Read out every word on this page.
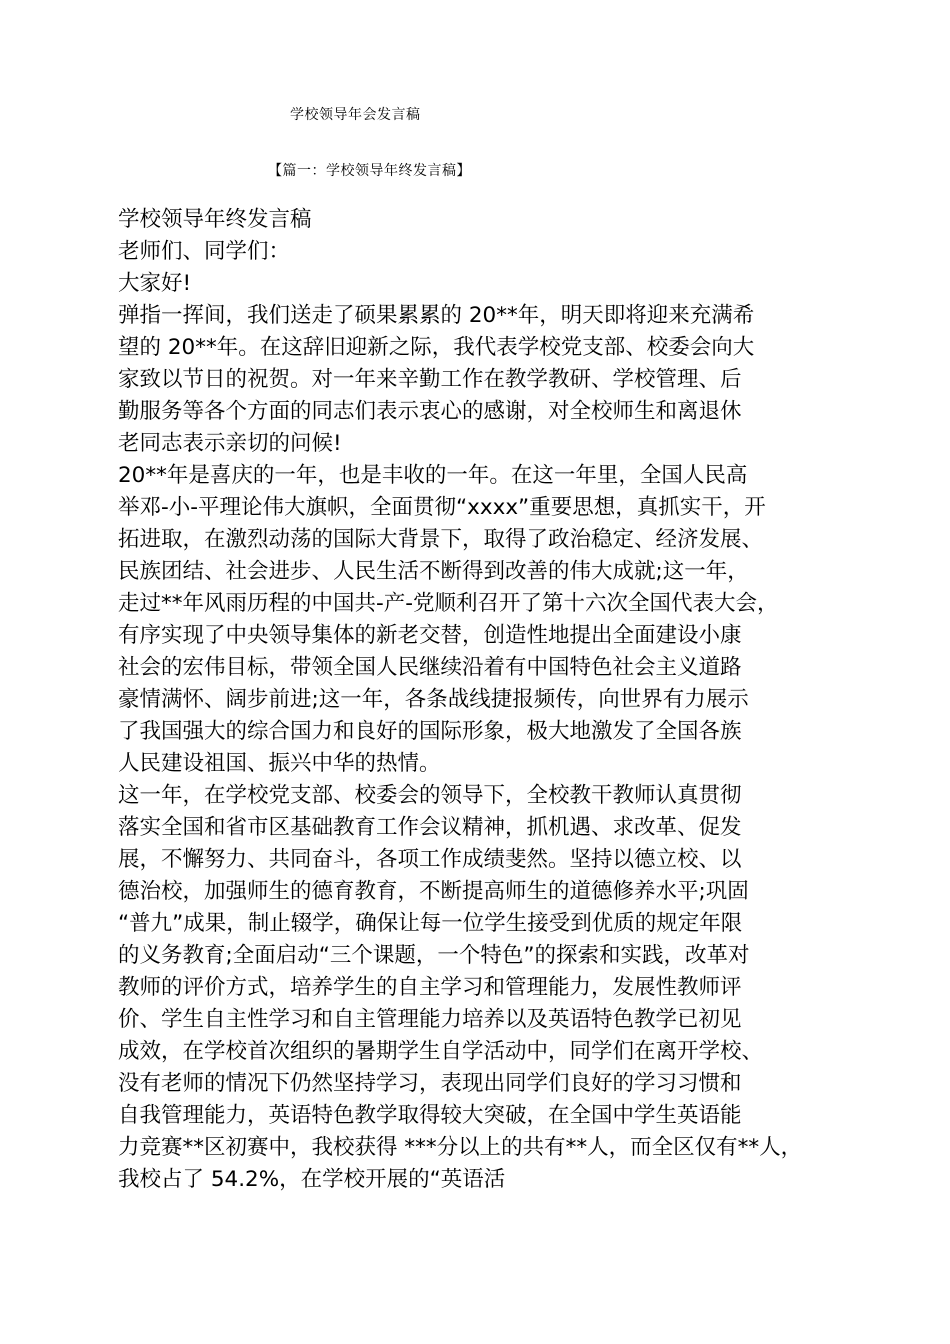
学校领导年会发言稿
【篇一：学校领导年终发言稿】
学校领导年终发言稿
老师们、同学们：
大家好!
弹指一挥间，我们送走了硕果累累的 20**年，明天即将迎来充满希
望的 20**年。在这辞旧迎新之际，我代表学校党支部、校委会向大
家致以节日的祝贺。对一年来辛勤工作在教学教研、学校管理、后
勤服务等各个方面的同志们表示衷心的感谢，对全校师生和离退休
老同志表示亲切的问候!
20**年是喜庆的一年，也是丰收的一年。在这一年里，全国人民高
举邓-小-平理论伟大旗帜，全面贯彻“xxxx”重要思想，真抓实干，开
拓进取，在激烈动荡的国际大背景下，取得了政治稳定、经济发展、
民族团结、社会进步、人民生活不断得到改善的伟大成就;这一年，
走过**年风雨历程的中国共-产-党顺利召开了第十六次全国代表大会，
有序实现了中央领导集体的新老交替，创造性地提出全面建设小康
社会的宏伟目标，带领全国人民继续沿着有中国特色社会主义道路
豪情满怀、阔步前进;这一年，各条战线捷报频传，向世界有力展示
了我国强大的综合国力和良好的国际形象，极大地激发了全国各族
人民建设祖国、振兴中华的热情。
这一年，在学校党支部、校委会的领导下，全校教干教师认真贯彻
落实全国和省市区基础教育工作会议精神，抓机遇、求改革、促发
展，不懈努力、共同奋斗，各项工作成绩斐然。坚持以德立校、以
德治校，加强师生的德育教育，不断提高师生的道德修养水平;巩固
“普九”成果，制止辍学，确保让每一位学生接受到优质的规定年限
的义务教育;全面启动“三个课题，一个特色”的探索和实践，改革对
教师的评价方式，培养学生的自主学习和管理能力，发展性教师评
价、学生自主性学习和自主管理能力培养以及英语特色教学已初见
成效，在学校首次组织的暑期学生自学活动中，同学们在离开学校、
没有老师的情况下仍然坚持学习，表现出同学们良好的学习习惯和
自我管理能力，英语特色教学取得较大突破，在全国中学生英语能
力竞赛**区初赛中，我校获得 ***分以上的共有**人，而全区仅有**人，
我校占了 54.2%，在学校开展的“英语活
